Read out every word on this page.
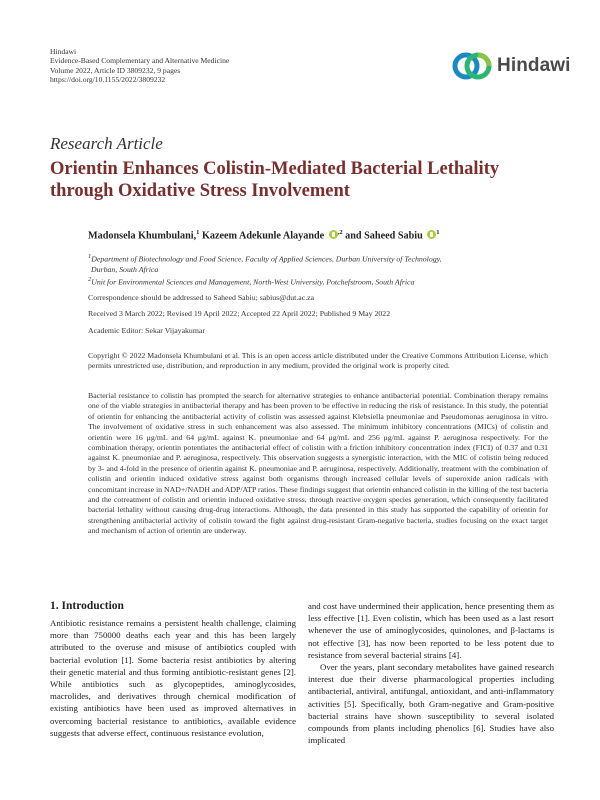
Hindawi
Evidence-Based Complementary and Alternative Medicine
Volume 2022, Article ID 3809232, 9 pages
https://doi.org/10.1155/2022/3809232
Hindawi
Research Article
Orientin Enhances Colistin-Mediated Bacterial Lethality through Oxidative Stress Involvement
Madonsela Khumbulani,$^1$ Kazeem Adekunle Alayande $^{,2}$ and Saheed Sabiu $^1$
$^1$Department of Biotechnology and Food Science, Faculty of Applied Sciences, Durban University of Technology,
Durban, South Africa
$^2$Unit for Environmental Sciences and Management, North-West University, Potchefstroom, South Africa
Correspondence should be addressed to Saheed Sabiu; sabius@dut.ac.za
Received 3 March 2022; Revised 19 April 2022; Accepted 22 April 2022; Published 9 May 2022
Academic Editor: Sekar Vijayakumar
Copyright © 2022 Madonsela Khumbulani et al. This is an open access article distributed under the Creative Commons Attribution License, which permits unrestricted use, distribution, and reproduction in any medium, provided the original work is properly cited.
Bacterial resistance to colistin has prompted the search for alternative strategies to enhance antibacterial potential. Combination therapy remains one of the viable strategies in antibacterial therapy and has been proven to be effective in reducing the risk of resistance. In this study, the potential of orientin for enhancing the antibacterial activity of colistin was assessed against Klebsiella pneumoniae and Pseudomonas aeruginosa in vitro. The involvement of oxidative stress in such enhancement was also assessed. The minimum inhibitory concentrations (MICs) of colistin and orientin were 16 μg/mL and 64 μg/mL against K. pneumoniae and 64 μg/mL and 256 μg/mL against P. aeruginosa respectively. For the combination therapy, orientin potentiates the antibacterial effect of colistin with a friction inhibitory concentration index (FICI) of 0.37 and 0.31 against K. pneumoniae and P. aeruginosa, respectively. This observation suggests a synergistic interaction, with the MIC of colistin being reduced by 3- and 4-fold in the presence of orientin against K. pneumoniae and P. aeruginosa, respectively. Additionally, treatment with the combination of colistin and orientin induced oxidative stress against both organisms through increased cellular levels of superoxide anion radicals with concomitant increase in NAD+/NADH and ADP/ATP ratios. These findings suggest that orientin enhanced colistin in the killing of the test bacteria and the cotreatment of colistin and orientin induced oxidative stress, through reactive oxygen species generation, which consequently facilitated bacterial lethality without causing drug-drug interactions. Although, the data presented in this study has supported the capability of orientin for strengthening antibacterial activity of colistin toward the fight against drug-resistant Gram-negative bacteria, studies focusing on the exact target and mechanism of action of orientin are underway.
1. Introduction

Antibiotic resistance remains a persistent health challenge, claiming more than 750000 deaths each year and this has been largely attributed to the overuse and misuse of antibiotics coupled with bacterial evolution [1]. Some bacteria resist antibiotics by altering their genetic material and thus forming antibiotic-resistant genes [2]. While antibiotics such as glycopeptides, aminoglycosides, macrolides, and derivatives through chemical modification of existing antibiotics have been used as improved alternatives in overcoming bacterial resistance to antibiotics, available evidence suggests that adverse effect, continuous resistance evolution,

and cost have undermined their application, hence presenting them as less effective [1]. Even colistin, which has been used as a last resort whenever the use of aminoglycosides, quinolones, and β-lactams is not effective [3], has now been reported to be less potent due to resistance from several bacterial strains [4].

Over the years, plant secondary metabolites have gained research interest due their diverse pharmacological properties including antibacterial, antiviral, antifungal, antioxidant, and anti-inflammatory activities [5]. Specifically, both Gram-negative and Gram-positive bacterial strains have shown susceptibility to several isolated compounds from plants including phenolics [6]. Studies have also implicated
